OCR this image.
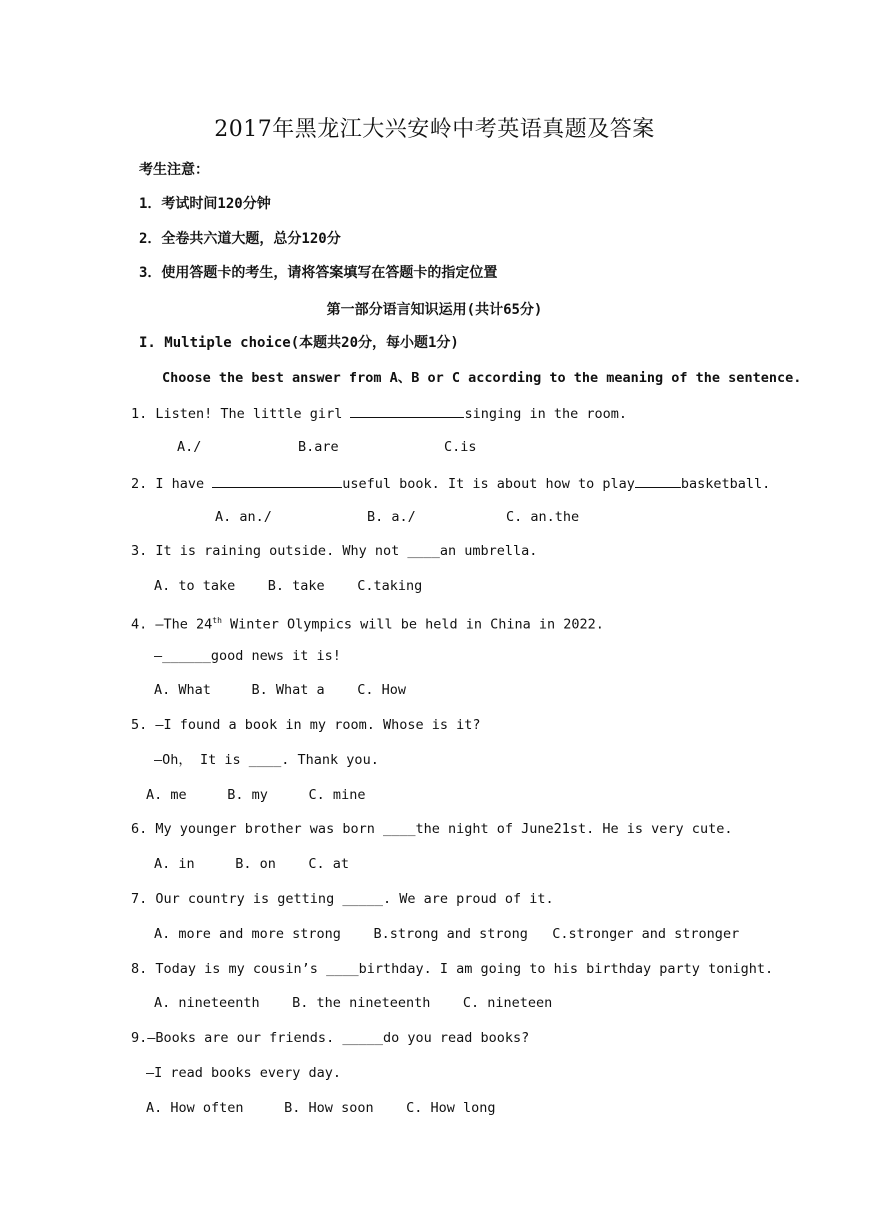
2017年黑龙江大兴安岭中考英语真题及答案
考生注意：
1．考试时间120分钟
2．全卷共六道大题，总分120分
3．使用答题卡的考生，请将答案填写在答题卡的指定位置
第一部分语言知识运用(共计65分)
I. Multiple choice(本题共20分，每小题1分)
Choose the best answer from A、B or C according to the meaning of the sentence.
1. Listen! The little girl	singing in the room.
A./	B.are	C.is
2. I have	useful book. It is about how to play	basketball.
A. an./	B. a./	C. an.the
3. It is raining outside. Why not ____an umbrella.
A. to take    B. take    C.taking
4. —The 24th Winter Olympics will be held in China in 2022.
—______good news it is!
A. What     B. What a    C. How
5. —I found a book in my room. Whose is it?
—Oh， It is ____. Thank you.
A. me     B. my     C. mine
6. My younger brother was born ____the night of June21st. He is very cute.
A. in     B. on    C. at
7. Our country is getting _____. We are proud of it.
A. more and more strong    B.strong and strong   C.stronger and stronger
8. Today is my cousin’s ____birthday. I am going to his birthday party tonight.
A. nineteenth    B. the nineteenth    C. nineteen
9.—Books are our friends. _____do you read books?
—I read books every day.
A. How often     B. How soon    C. How long
